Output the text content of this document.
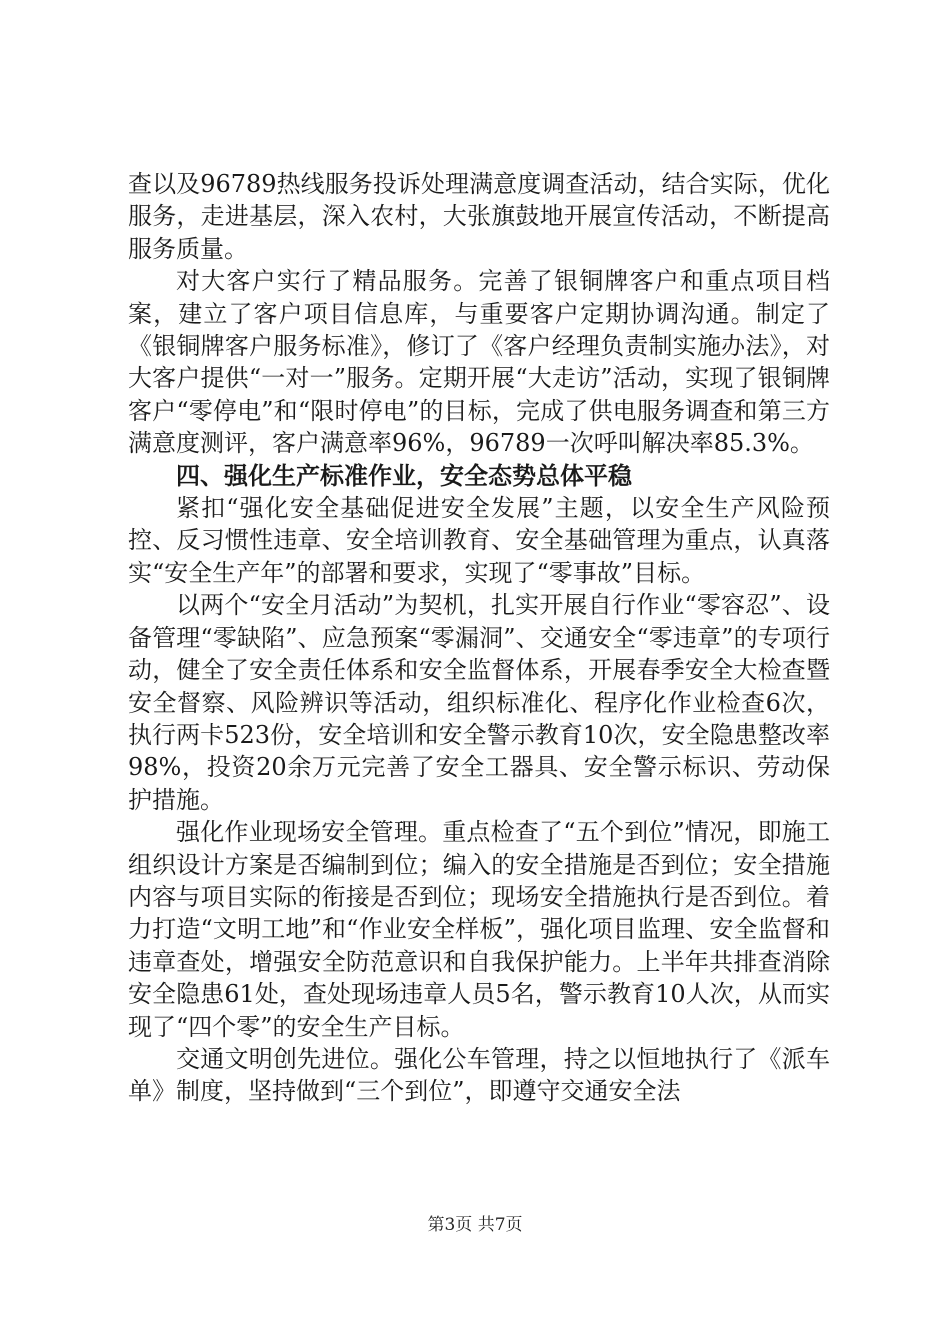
查以及96789热线服务投诉处理满意度调查活动，结合实际，优化服务，走进基层，深入农村，大张旗鼓地开展宣传活动，不断提高服务质量。

对大客户实行了精品服务。完善了银铜牌客户和重点项目档案，建立了客户项目信息库，与重要客户定期协调沟通。制定了《银铜牌客户服务标准》，修订了《客户经理负责制实施办法》，对大客户提供“一对一”服务。定期开展“大走访”活动，实现了银铜牌客户“零停电”和“限时停电”的目标，完成了供电服务调查和第三方满意度测评，客户满意率96%，96789一次呼叫解决率85.3%。

四、强化生产标准作业，安全态势总体平稳

紧扣“强化安全基础促进安全发展”主题，以安全生产风险预控、反习惯性违章、安全培训教育、安全基础管理为重点，认真落实“安全生产年”的部署和要求，实现了“零事故”目标。

以两个“安全月活动”为契机，扎实开展自行作业“零容忍”、设备管理“零缺陷”、应急预案“零漏洞”、交通安全“零违章”的专项行动，健全了安全责任体系和安全监督体系，开展春季安全大检查暨安全督察、风险辨识等活动，组织标准化、程序化作业检查6次，执行两卡523份，安全培训和安全警示教育10次，安全隐患整改率98%，投资20余万元完善了安全工器具、安全警示标识、劳动保护措施。

强化作业现场安全管理。重点检查了“五个到位”情况，即施工组织设计方案是否编制到位；编入的安全措施是否到位；安全措施内容与项目实际的衔接是否到位；现场安全措施执行是否到位。着力打造“文明工地”和“作业安全样板”，强化项目监理、安全监督和违章查处，增强安全防范意识和自我保护能力。上半年共排查消除安全隐患61处，查处现场违章人员5名，警示教育10人次，从而实现了“四个零”的安全生产目标。

交通文明创先进位。强化公车管理，持之以恒地执行了《派车单》制度，坚持做到“三个到位”，即遵守交通安全法

第3页 共7页
